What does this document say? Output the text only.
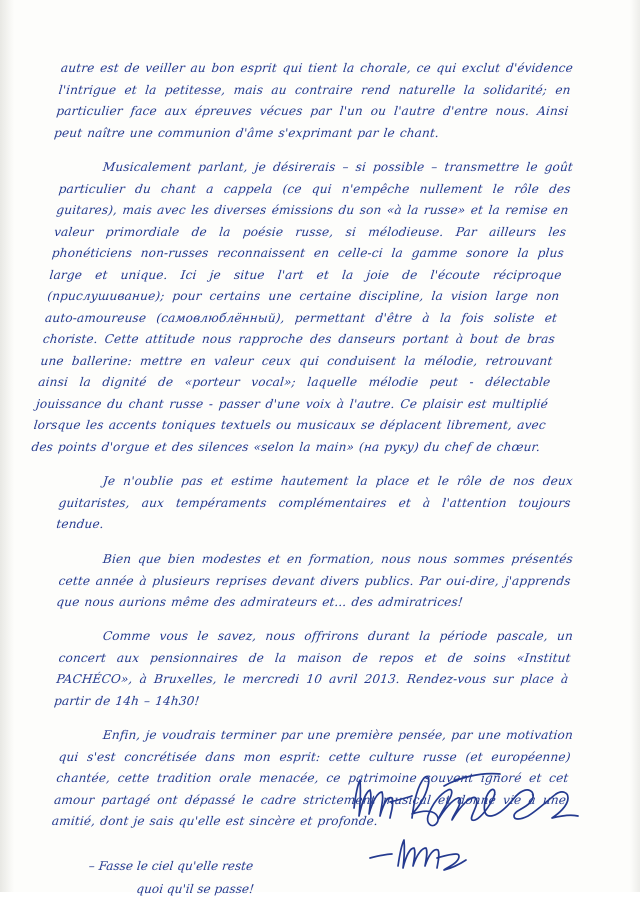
autre est de veiller au bon esprit qui tient la chorale, ce qui exclut d'évidence l'intrigue et la petitesse, mais au contraire rend naturelle la solidarité; en particulier face aux épreuves vécues par l'un ou l'autre d'entre nous. Ainsi peut naître une communion d'âme s'exprimant par le chant.

Musicalement parlant, je désirerais – si possible – transmettre le goût particulier du chant a cappela (ce qui n'empêche nullement le rôle des guitares), mais avec les diverses émissions du son «à la russe» et la remise en valeur primordiale de la poésie russe, si mélodieuse. Par ailleurs les phonéticiens non-russes reconnaissent en celle-ci la gamme sonore la plus large et unique. Ici je situe l'art et la joie de l'écoute réciproque (прислушивание); pour certains une certaine discipline, la vision large non auto-amoureuse (самовлюблённый), permettant d'être à la fois soliste et choriste. Cette attitude nous rapproche des danseurs portant à bout de bras une ballerine: mettre en valeur ceux qui conduisent la mélodie, retrouvant ainsi la dignité de «porteur vocal»; laquelle mélodie peut - délectable jouissance du chant russe - passer d'une voix à l'autre. Ce plaisir est multiplié lorsque les accents toniques textuels ou musicaux se déplacent librement, avec des points d'orgue et des silences «selon la main» (на руку) du chef de chœur.

Je n'oublie pas et estime hautement la place et le rôle de nos deux guitaristes, aux tempéraments complémentaires et à l'attention toujours tendue.

Bien que bien modestes et en formation, nous nous sommes présentés cette année à plusieurs reprises devant divers publics. Par oui-dire, j'apprends que nous aurions même des admirateurs et... des admiratrices!

Comme vous le savez, nous offrirons durant la période pascale, un concert aux pensionnaires de la maison de repos et de soins «Institut PACHÉCO», à Bruxelles, le mercredi 10 avril 2013. Rendez-vous sur place à partir de 14h – 14h30!

Enfin, je voudrais terminer par une première pensée, par une motivation qui s'est concrétisée dans mon esprit: cette culture russe (et européenne) chantée, cette tradition orale menacée, ce patrimoine souvent ignoré et cet amour partagé ont dépassé le cadre strictement musical et donné vie à une amitié, dont je sais qu'elle est sincère et profonde.

– Fasse le ciel qu'elle reste
quoi qu'il se passe!
